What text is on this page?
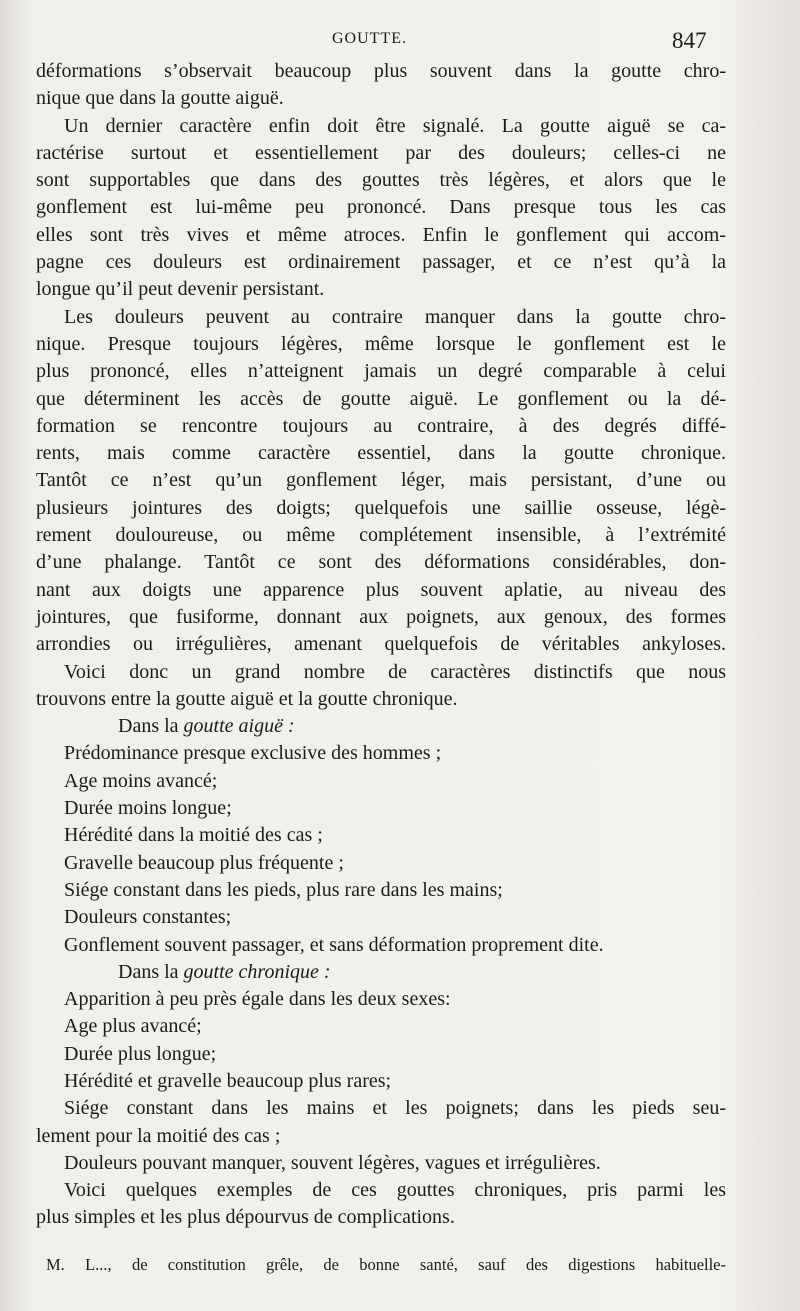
GOUTTE.	847
déformations s’observait beaucoup plus souvent dans la goutte chro-
nique que dans la goutte aiguë.
Un dernier caractère enfin doit être signalé. La goutte aiguë se ca-
ractérise surtout et essentiellement par des douleurs; celles-ci ne
sont supportables que dans des gouttes très légères, et alors que le
gonflement est lui-même peu prononcé. Dans presque tous les cas
elles sont très vives et même atroces. Enfin le gonflement qui accom-
pagne ces douleurs est ordinairement passager, et ce n’est qu’à la
longue qu’il peut devenir persistant.
Les douleurs peuvent au contraire manquer dans la goutte chro-
nique. Presque toujours légères, même lorsque le gonflement est le
plus prononcé, elles n’atteignent jamais un degré comparable à celui
que déterminent les accès de goutte aiguë. Le gonflement ou la dé-
formation se rencontre toujours au contraire, à des degrés diffé-
rents, mais comme caractère essentiel, dans la goutte chronique.
Tantôt ce n’est qu’un gonflement léger, mais persistant, d’une ou
plusieurs jointures des doigts; quelquefois une saillie osseuse, légè-
rement douloureuse, ou même complétement insensible, à l’extrémité
d’une phalange. Tantôt ce sont des déformations considérables, don-
nant aux doigts une apparence plus souvent aplatie, au niveau des
jointures, que fusiforme, donnant aux poignets, aux genoux, des formes
arrondies ou irrégulières, amenant quelquefois de véritables ankyloses.
Voici donc un grand nombre de caractères distinctifs que nous
trouvons entre la goutte aiguë et la goutte chronique.
Dans la goutte aiguë :
Prédominance presque exclusive des hommes ;
Age moins avancé;
Durée moins longue;
Hérédité dans la moitié des cas ;
Gravelle beaucoup plus fréquente ;
Siége constant dans les pieds, plus rare dans les mains;
Douleurs constantes;
Gonflement souvent passager, et sans déformation proprement dite.
Dans la goutte chronique :
Apparition à peu près égale dans les deux sexes:
Age plus avancé;
Durée plus longue;
Hérédité et gravelle beaucoup plus rares;
Siége constant dans les mains et les poignets; dans les pieds seu-
lement pour la moitié des cas ;
Douleurs pouvant manquer, souvent légères, vagues et irrégulières.
Voici quelques exemples de ces gouttes chroniques, pris parmi les
plus simples et les plus dépourvus de complications.
M. L..., de constitution grêle, de bonne santé, sauf des digestions habituelle-
